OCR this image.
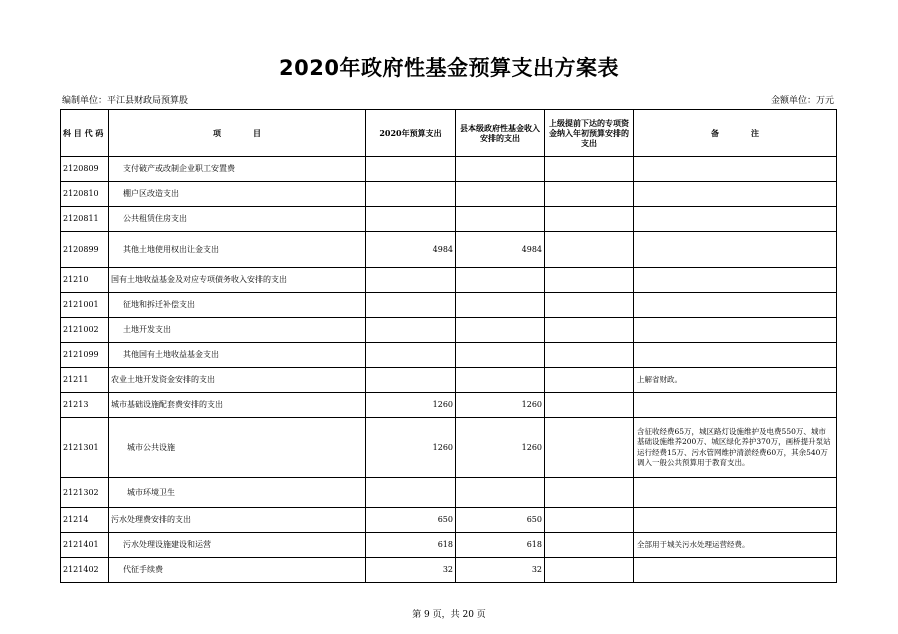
2020年政府性基金预算支出方案表
编制单位：平江县财政局预算股	金额单位：万元
科 目 代 码	项　　　　目	2020年预算支出	县本级政府性基金收入安排的支出	上级提前下达的专项资金纳入年初预算安排的支出	备　　　　注
2120809	支付破产或改制企业职工安置费				
2120810	棚户区改造支出				
2120811	公共租赁住房支出				
2120899	其他土地使用权出让金支出	4984	4984		
21210	国有土地收益基金及对应专项债务收入安排的支出				
2121001	征地和拆迁补偿支出				
2121002	土地开发支出				
2121099	其他国有土地收益基金支出				
21211	农业土地开发资金安排的支出				上解省财政。
21213	城市基础设施配套费安排的支出	1260	1260		
2121301	城市公共设施	1260	1260		含征收经费65万，城区路灯设施维护及电费550万、城市基础设施维养200万、城区绿化养护370万，画桥提升泵站运行经费15万、污水管网维护清淤经费60万，其余540万调入一般公共预算用于教育支出。
2121302	城市环境卫生				
21214	污水处理费安排的支出	650	650		
2121401	污水处理设施建设和运营	618	618		全部用于城关污水处理运营经费。
2121402	代征手续费	32	32		
第 9 页，共 20 页
